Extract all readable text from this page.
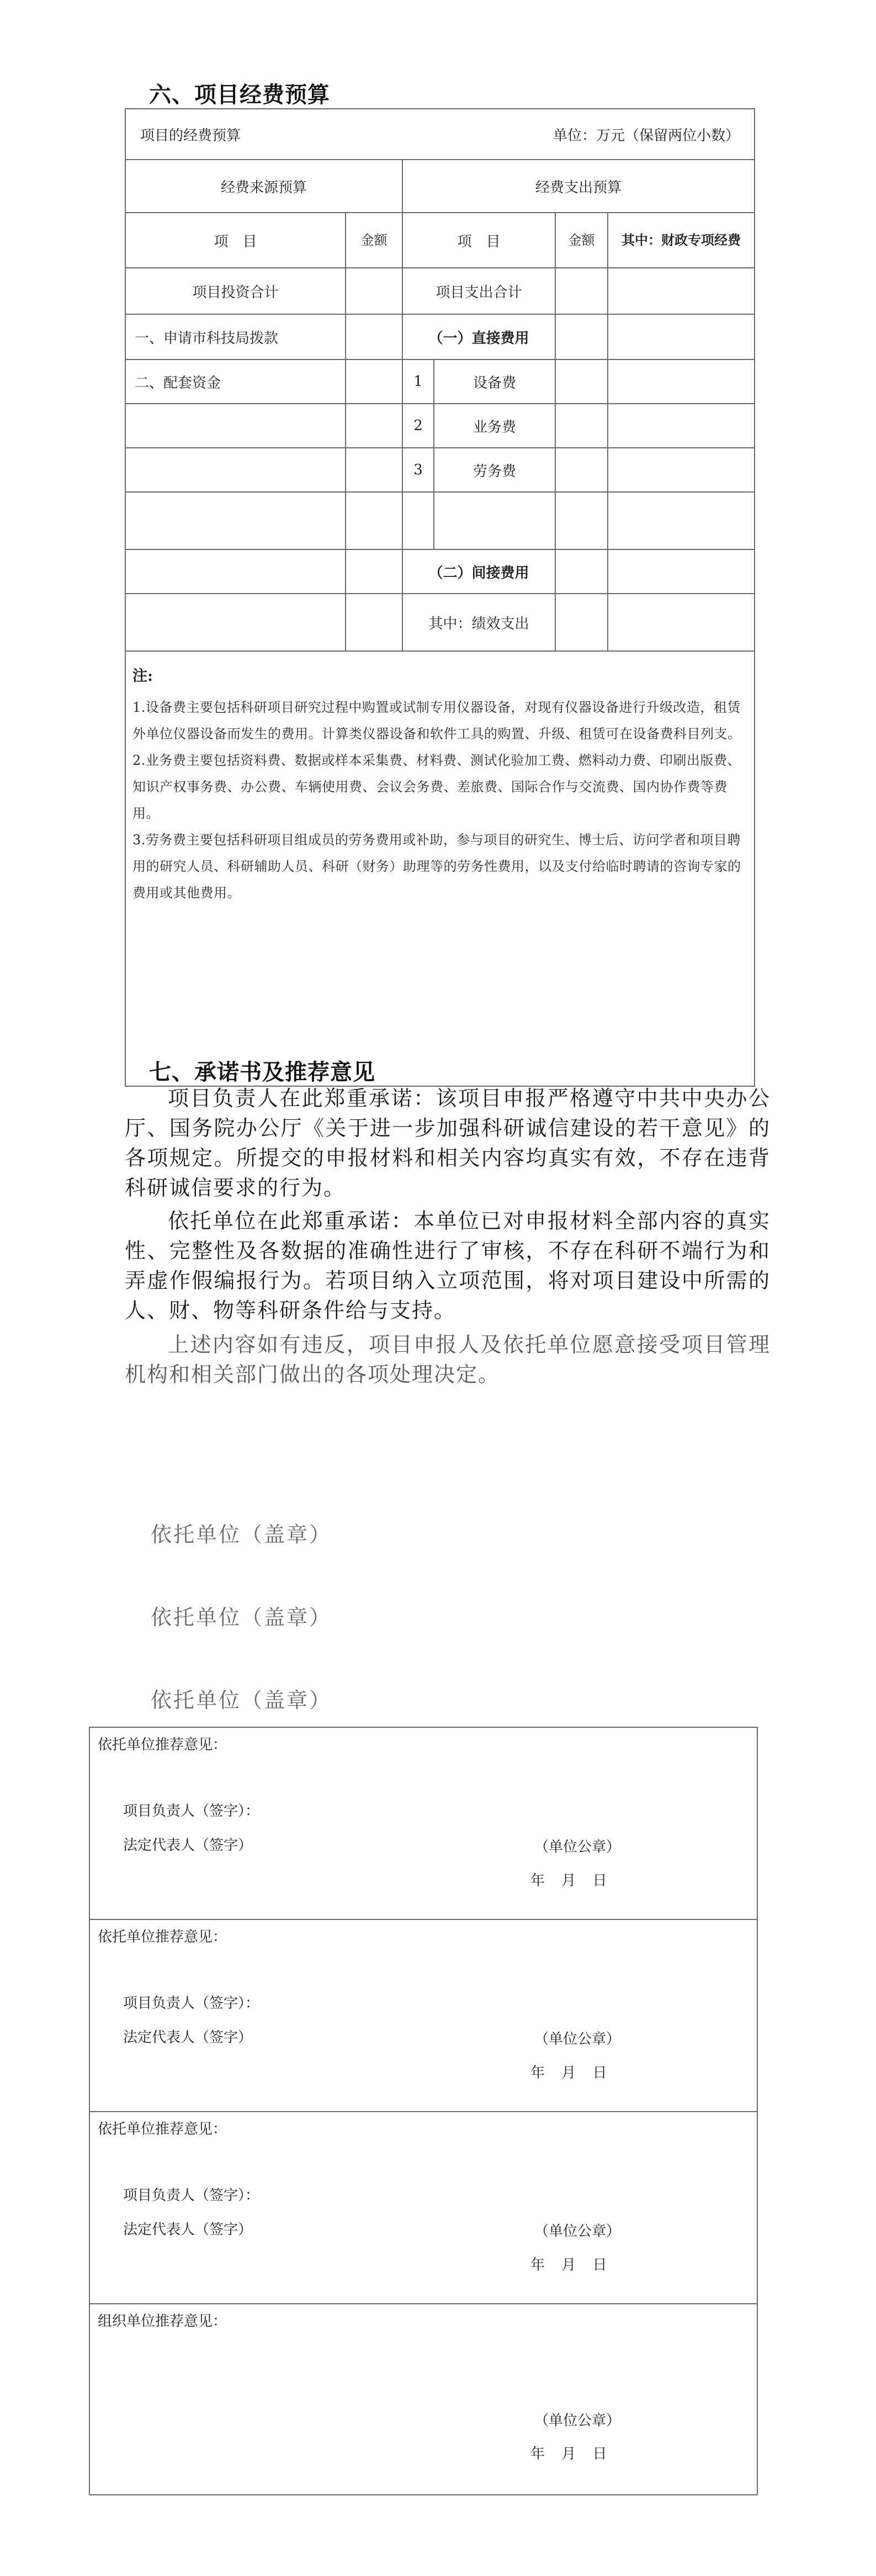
六、项目经费预算
项目的经费预算 单位：万元（保留两位小数）					

经费来源预算		经费支出预算			
项　目	金额	项　目		金额	其中：财政专项经费
项目投资合计		项目支出合计			
一、申请市科技局拨款		（一）直接费用			
二、配套资金		1	设备费		
		2	业务费		
		3	劳务费		

		（二）间接费用			
		其中：绩效支出			

注:
1.设备费主要包括科研项目研究过程中购置或试制专用仪器设备，对现有仪器设备进行升级改造，租赁外单位仪器设备而发生的费用。计算类仪器设备和软件工具的购置、升级、租赁可在设备费科目列支。
2.业务费主要包括资料费、数据或样本采集费、材料费、测试化验加工费、燃料动力费、印刷出版费、知识产权事务费、办公费、车辆使用费、会议会务费、差旅费、国际合作与交流费、国内协作费等费用。
3.劳务费主要包括科研项目组成员的劳务费用或补助，参与项目的研究生、博士后、访问学者和项目聘用的研究人员、科研辅助人员、科研（财务）助理等的劳务性费用，以及支付给临时聘请的咨询专家的费用或其他费用。					
七、承诺书及推荐意见
项目负责人在此郑重承诺：该项目申报严格遵守中共中央办公厅、国务院办公厅《关于进一步加强科研诚信建设的若干意见》的各项规定。所提交的申报材料和相关内容均真实有效，不存在违背科研诚信要求的行为。
依托单位在此郑重承诺：本单位已对申报材料全部内容的真实性、完整性及各数据的准确性进行了审核，不存在科研不端行为和弄虚作假编报行为。若项目纳入立项范围，将对项目建设中所需的人、财、物等科研条件给与支持。
上述内容如有违反，项目申报人及依托单位愿意接受项目管理机构和相关部门做出的各项处理决定。
依托单位（盖章）
依托单位（盖章）
依托单位（盖章）
依托单位推荐意见：
项目负责人（签字）：
法定代表人（签字）	（单位公章）
年 月 日
依托单位推荐意见：
项目负责人（签字）：
法定代表人（签字）	（单位公章）
年 月 日
依托单位推荐意见：
项目负责人（签字）：
法定代表人（签字）	（单位公章）
年 月 日
组织单位推荐意见：
（单位公章）
年 月 日
